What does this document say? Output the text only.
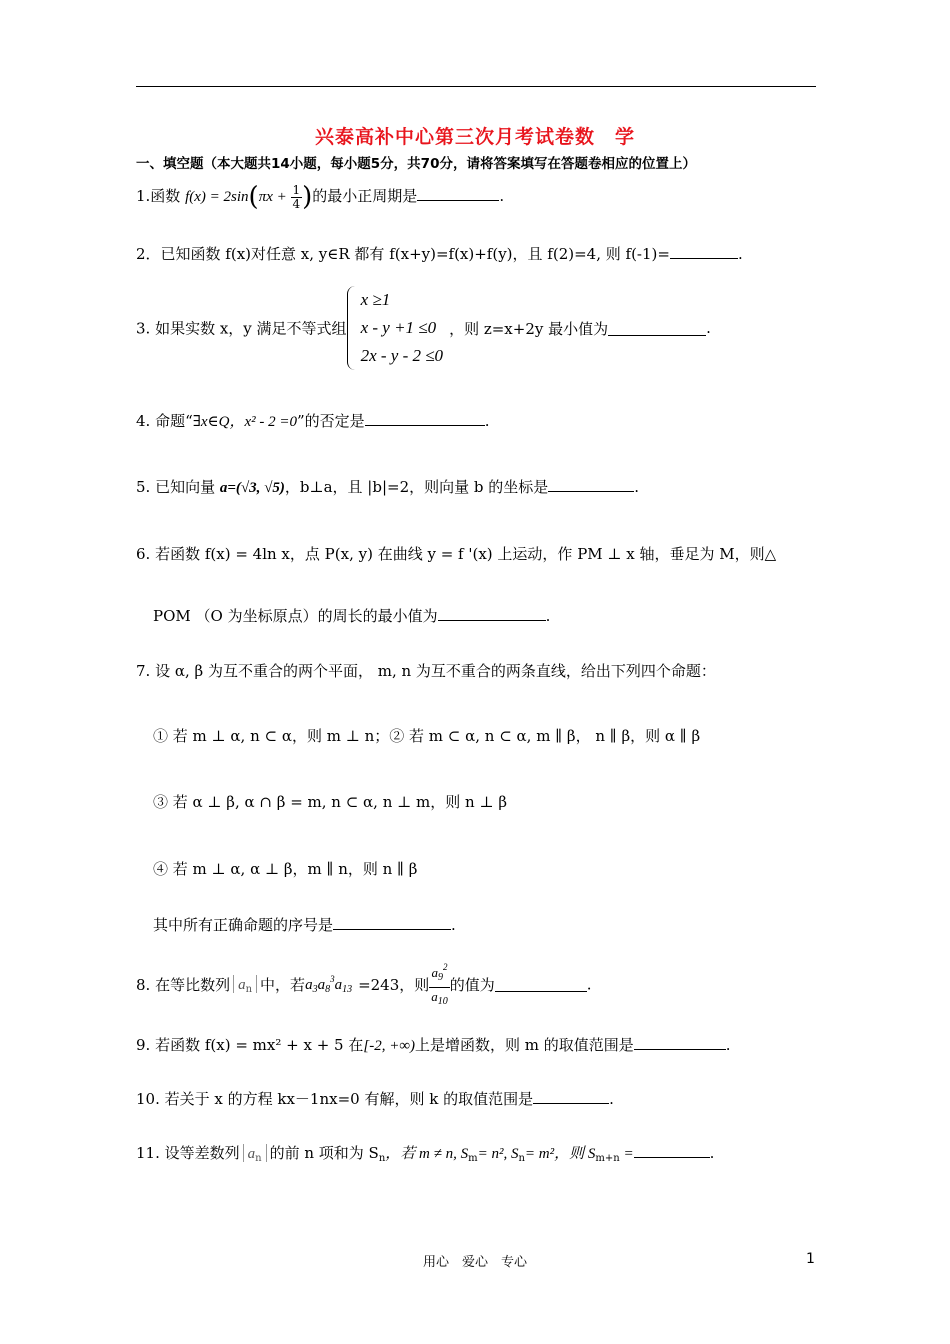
兴泰高补中心第三次月考试卷数　学
一、填空题（本大题共14小题，每小题5分，共70分，请将答案填写在答题卷相应的位置上）
1.函数 $f(x) = 2\sin(\pi x + \frac{1}{4}$ )的最小正周期是	.
2．已知函数 f(x)对任意 x, y∈R 都有 f(x+y)=f(x)+f(y)，且 f(2)=4, 则 f(-1)=	.
3. 如果实数 x，y 满足不等式组
x ≥1
x - y +1 ≤0
2x - y - 2 ≤0
，则 z=x+2y 最小值为	.
4. 命题“∃x∈Q，x² - 2 =0”的否定是	.
5. 已知向量 a=(√3, √5)，b⊥a，且 |b|=2，则向量 b 的坐标是	.
6. 若函数 f(x) = 4ln x，点 P(x, y) 在曲线 y = f '(x) 上运动，作 PM ⊥ x 轴，垂足为 M，则△
POM （O 为坐标原点）的周长的最小值为	.
7. 设 α, β 为互不重合的两个平面， m, n 为互不重合的两条直线，给出下列四个命题：
① 若 m ⊥ α, n ⊂ α，则 m ⊥ n；② 若 m ⊂ α, n ⊂ α, m ∥ β， n ∥ β，则 α ∥ β
③ 若 α ⊥ β, α ∩ β = m, n ⊂ α, n ⊥ m，则 n ⊥ β
④ 若 m ⊥ α, α ⊥ β，m ∥ n，则 n ∥ β
其中所有正确命题的序号是	.
8. 在等比数列 $a_n$ 中，若$a_3a_8^3a_{13} =243$，则 $\frac{a_9^2}{a_{10}}$ 的值为	.
9. 若函数 f(x) = mx² + x + 5 在[-2, +∞)上是增函数，则 m 的取值范围是	.
10. 若关于 x 的方程 kx－1nx=0 有解，则 k 的取值范围是	.
11. 设等差数列 $a_n$ 的前 n 项和为 $S_n$，若 m ≠ n, $S_m= n^2$, $S_n= m^2$，则 $S_{m+n}$ =	.
用心　爱心　专心	1
